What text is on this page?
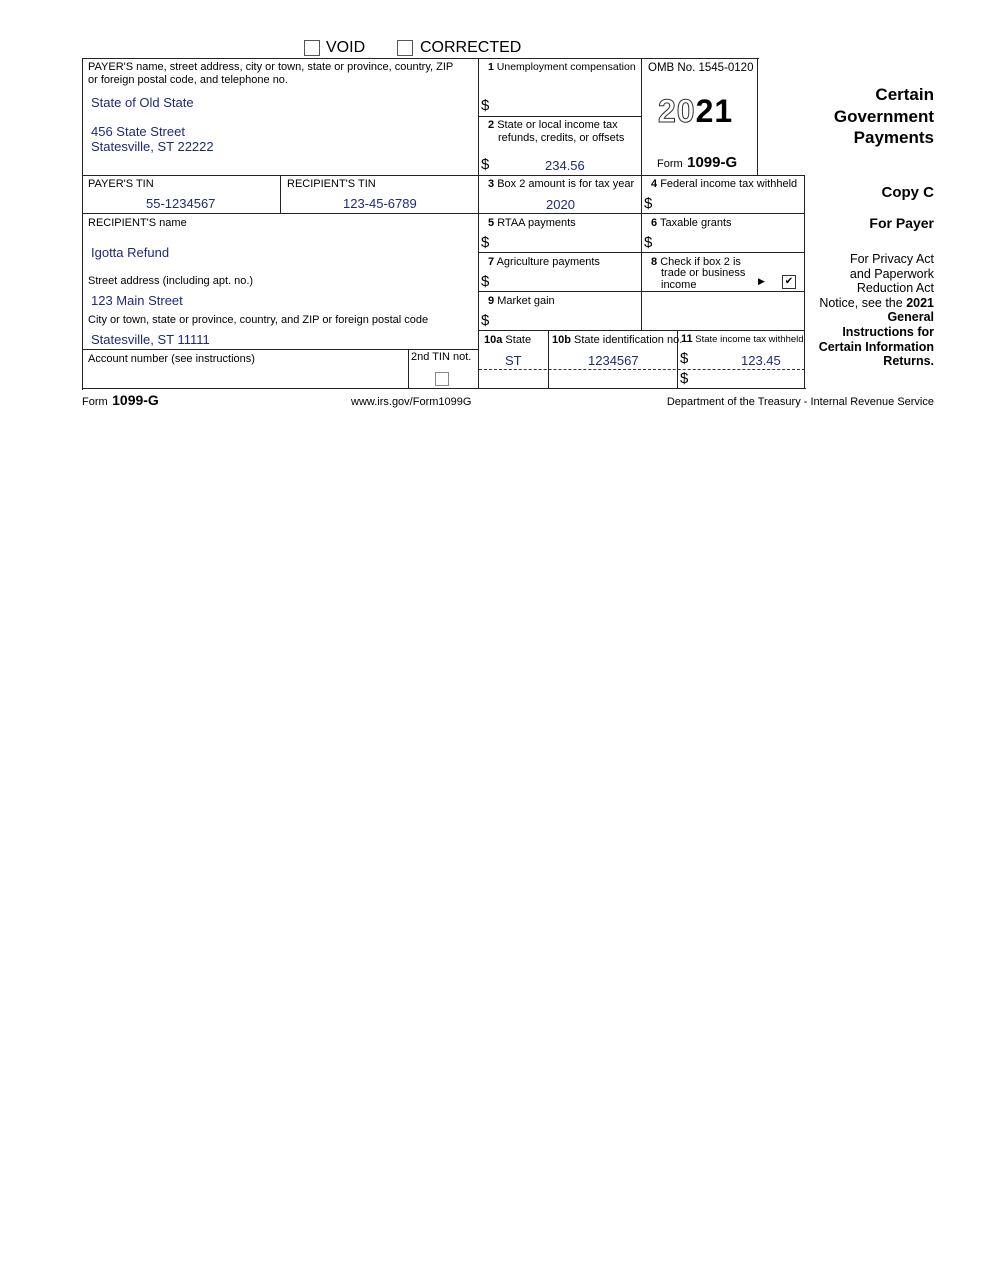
VOID	CORRECTED
PAYER'S name, street address, city or town, state or province, country, ZIP
or foreign postal code, and telephone no.
State of Old State
456 State Street
Statesville, ST 22222
1 Unemployment compensation
$
2 State or local income tax
refunds, credits, or offsets
$	234.56
OMB No. 1545-0120
2021
Form 1099-G
Certain
Government
Payments
PAYER'S TIN
55-1234567
RECIPIENT'S TIN
123-45-6789
3 Box 2 amount is for tax year
2020
4 Federal income tax withheld
$
Copy C
For Payer
For Privacy Act
and Paperwork
Reduction Act
Notice, see the 2021
General
Instructions for
Certain Information
Returns.
RECIPIENT'S name
Igotta Refund
Street address (including apt. no.)
123 Main Street
City or town, state or province, country, and ZIP or foreign postal code
Statesville, ST 11111
Account number (see instructions)	2nd TIN not.
5 RTAA payments
$
6 Taxable grants
$
7 Agriculture payments
$
8 Check if box 2 is
trade or business
income	▶ ✔
9 Market gain
$
10a State
ST
10b State identification no.
1234567
11 State income tax withheld
$	123.45
$
Form 1099-G	www.irs.gov/Form1099G	Department of the Treasury - Internal Revenue Service
